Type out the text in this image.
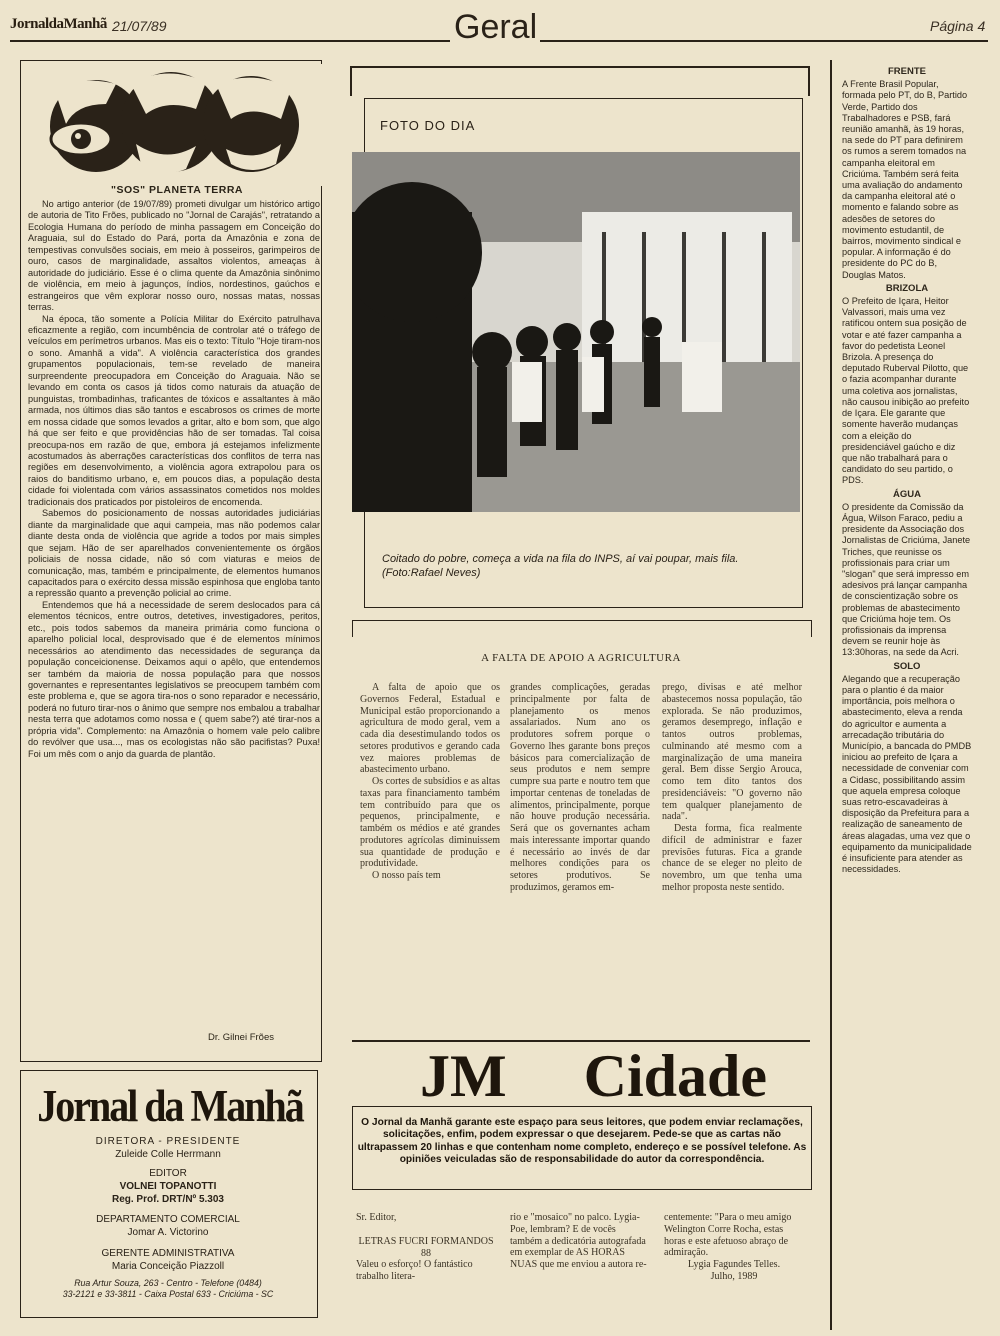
JornaldaManhã 21/07/89	Geral	Página 4
"SOS" PLANETA TERRA

No artigo anterior (de 19/07/89) prometi divulgar um histórico artigo de autoria de Tito Frões, publicado no "Jornal de Carajás", retratando a Ecologia Humana do período de minha passagem em Conceição do Araguaia, sul do Estado do Pará, porta da Amazônia e zona de tempestivas convulsões sociais, em meio à posseiros, garimpeiros de ouro, casos de marginalidade, assaltos violentos, ameaças à autoridade do judiciário. Esse é o clima quente da Amazônia sinônimo de violência, em meio à jagunços, índios, nordestinos, gaúchos e estrangeiros que vêm explorar nosso ouro, nossas matas, nossas terras.

Na época, tão somente a Polícia Militar do Exército patrulhava eficazmente a região, com incumbência de controlar até o tráfego de veículos em perímetros urbanos. Mas eis o texto: Título "Hoje tiram-nos o sono. Amanhã a vida". A violência característica dos grandes grupamentos populacionais, tem-se revelado de maneira surpreendente preocupadora em Conceição do Araguaia. Não se levando em conta os casos já tidos como naturais da atuação de punguistas, trombadinhas, traficantes de tóxicos e assaltantes à mão armada, nos últimos dias são tantos e escabrosos os crimes de morte em nossa cidade que somos levados a gritar, alto e bom som, que algo há que ser feito e que providências hão de ser tomadas. Tal coisa preocupa-nos em razão de que, embora já estejamos infelizmente acostumados às aberrações características dos conflitos de terra nas regiões em desenvolvimento, a violência agora extrapolou para os raios do banditismo urbano, e, em poucos dias, a população desta cidade foi violentada com vários assassinatos cometidos nos moldes tradicionais dos praticados por pistoleiros de encomenda.

Sabemos do posicionamento de nossas autoridades judiciárias diante da marginalidade que aqui campeia, mas não podemos calar diante desta onda de violência que agride a todos por mais simples que sejam. Hão de ser aparelhados convenientemente os órgãos policiais de nossa cidade, não só com viaturas e meios de comunicação, mas, também e principalmente, de elementos humanos capacitados para o exército dessa missão espinhosa que engloba tanto a repressão quanto a prevenção policial ao crime.

Entendemos que há a necessidade de serem deslocados para cá elementos técnicos, entre outros, detetives, investigadores, peritos, etc., pois todos sabemos da maneira primária como funciona o aparelho policial local, desprovisado que é de elementos mínimos necessários ao atendimento das necessidades de segurança da população conceicionense. Deixamos aqui o apêlo, que entendemos ser também da maioria de nossa população para que nossos governantes e representantes legislativos se preocupem também com este problema e, que se agora tira-nos o sono reparador e necessário, poderá no futuro tirar-nos o ânimo que sempre nos embalou a trabalhar nesta terra que adotamos como nossa e ( quem sabe?) até tirar-nos a própria vida". Complemento: na Amazônia o homem vale pelo calibre do revólver que usa..., mas os ecologistas não são pacifistas? Puxa! Foi um mês com o anjo da guarda de plantão.

Dr. Gilnei Frões
Jornal da Manhã
DIRETORA - PRESIDENTE
Zuleide Colle Herrmann
EDITOR
VOLNEI TOPANOTTI
Reg. Prof. DRT/Nº 5.303
DEPARTAMENTO COMERCIAL
Jomar A. Victorino
GERENTE ADMINISTRATIVA
Maria Conceição Piazzoll
Rua Artur Souza, 263 - Centro - Telefone (0484)
33-2121 e 33-3811 - Caixa Postal 633 - Criciúma - SC
FOTO DO DIA
Coitado do pobre, começa a vida na fila do INPS, aí vai poupar, mais fila. (Foto:Rafael Neves)
A FALTA DE APOIO A AGRICULTURA

A falta de apoio que os Governos Federal, Estadual e Municipal estão proporcionando a agricultura de modo geral, vem a cada dia desestimulando todos os setores produtivos e gerando cada vez maiores problemas de abastecimento urbano.

Os cortes de subsídios e as altas taxas para financiamento também tem contribuído para que os pequenos, principalmente, e também os médios e até grandes produtores agrícolas diminuissem sua quantidade de produção e produtividade.

O nosso país tem

grandes complicações, geradas principalmente por falta de planejamento os menos assalariados. Num ano os produtores sofrem porque o Governo lhes garante bons preços básicos para comercialização de seus produtos e nem sempre cumpre sua parte e noutro tem que importar centenas de toneladas de alimentos, principalmente, porque não houve produção necessária. Será que os governantes acham mais interessante importar quando é necessário ao invés de dar melhores condições para os setores produtivos. Se produzimos, geramos em-

prego, divisas e até melhor abastecemos nossa população, tão explorada. Se não produzimos, geramos desemprego, inflação e tantos outros problemas, culminando até mesmo com a marginalização de uma maneira geral. Bem disse Sergio Arouca, como tem dito tantos dos presidenciáveis: "O governo não tem qualquer planejamento de nada".

Desta forma, fica realmente difícil de administrar e fazer previsões futuras. Fica a grande chance de se eleger no pleito de novembro, um que tenha uma melhor proposta neste sentido.

JM Cidade
O Jornal da Manhã garante este espaço para seus leitores, que podem enviar reclamações, solicitações, enfim, podem expressar o que desejarem. Pede-se que as cartas não ultrapassem 20 linhas e que contenham nome completo, endereço e se possível telefone. As opiniões veiculadas são de responsabilidade do autor da correspondência.

Sr. Editor,

LETRAS FUCRI FORMANDOS 88

Valeu o esforço! O fantástico trabalho litera-

rio e "mosaico" no palco. Lygia-Poe, lembram? E de vocês também a dedicatória autografada em exemplar de AS HORAS NUAS que me enviou a autora re-

centemente: "Para o meu amigo Welington Corre Rocha, estas horas e este afetuoso abraço de admiração.

Lygia Fagundes Telles.

Julho, 1989

FRENTE

A Frente Brasil Popular, formada pelo PT, do B, Partido Verde, Partido dos Trabalhadores e PSB, fará reunião amanhã, às 19 horas, na sede do PT para definirem os rumos a serem tomados na campanha eleitoral em Criciúma. Também será feita uma avaliação do andamento da campanha eleitoral até o momento e falando sobre as adesões de setores do movimento estudantil, de bairros, movimento sindical e popular. A informação é do presidente do PC do B, Douglas Matos.

BRIZOLA

O Prefeito de Içara, Heitor Valvassori, mais uma vez ratificou ontem sua posição de votar e até fazer campanha a favor do pedetista Leonel Brizola. A presença do deputado Ruberval Pilotto, que o fazia acompanhar durante uma coletiva aos jornalistas, não causou inibição ao prefeito de Içara. Ele garante que somente haverão mudanças com a eleição do presidenciável gaúcho e diz que não trabalhará para o candidato do seu partido, o PDS.

ÁGUA

O presidente da Comissão da Água, Wilson Faraco, pediu a presidente da Associação dos Jornalistas de Criciúma, Janete Triches, que reunisse os profissionais para criar um "slogan" que será impresso em adesivos prá lançar campanha de conscientização sobre os problemas de abastecimento que Criciúma hoje tem. Os profissionais da imprensa devem se reunir hoje às 13:30horas, na sede da Acri.

SOLO

Alegando que a recuperação para o plantio é da maior importância, pois melhora o abastecimento, eleva a renda do agricultor e aumenta a arrecadação tributária do Município, a bancada do PMDB iniciou ao prefeito de Içara a necessidade de conveniar com a Cidasc, possibilitando assim que aquela empresa coloque suas retro-escavadeiras à disposição da Prefeitura para a realização de saneamento de áreas alagadas, uma vez que o equipamento da municipalidade é insuficiente para atender as necessidades.
